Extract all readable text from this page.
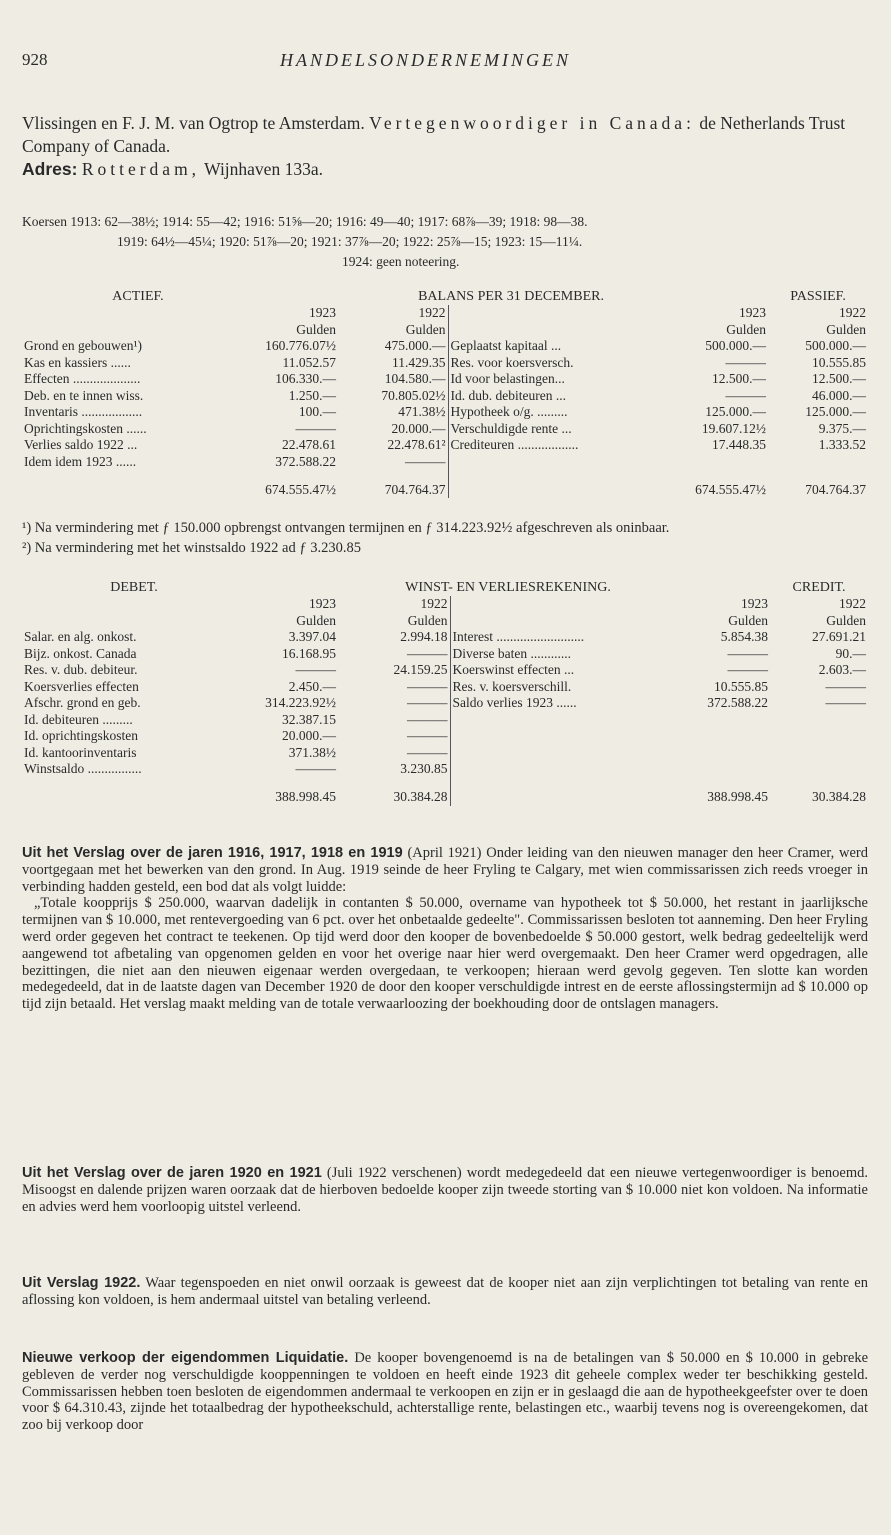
928	HANDELSONDERNEMINGEN
Vlissingen en F. J. M. van Ogtrop te Amsterdam. Vertegenwoordiger in Canada: de Netherlands Trust Company of Canada.
Adres: Rotterdam, Wijnhaven 133a.
Koersen 1913: 62—38½; 1914: 55—42; 1916: 51⅝—20; 1916: 49—40; 1917: 68⅞—39; 1918: 98—38.
1919: 64½—45¼; 1920: 51⅞—20; 1921: 37⅞—20; 1922: 25⅞—15; 1923: 15—11¼.
1924: geen noteering.
ACTIEF.	BALANS PER 31 DECEMBER.				PASSIEF.
	1923	1922		1923	1922
	Gulden	Gulden		Gulden	Gulden
Grond en gebouwen¹)	160.776.07½	475.000.—	Geplaatst kapitaal ...	500.000.—	500.000.—
Kas en kassiers ......	11.052.57	11.429.35	Res. voor koersversch.	———	10.555.85
Effecten ....................	106.330.—	104.580.—	Id voor belastingen...	12.500.—	12.500.—
Deb. en te innen wiss.	1.250.—	70.805.02½	Id. dub. debiteuren ...	———	46.000.—
Inventaris ..................	100.—	471.38½	Hypotheek o/g. .........	125.000.—	125.000.—
Oprichtingskosten ......	———	20.000.—	Verschuldigde rente ...	19.607.12½	9.375.—
Verlies saldo 1922 ...	22.478.61	22.478.61²	Crediteuren ..................	17.448.35	1.333.52
Idem idem 1923 ......	372.588.22	———			
	674.555.47½	704.764.37		674.555.47½	704.764.37
¹) Na vermindering met ƒ 150.000 opbrengst ontvangen termijnen en ƒ 314.223.92½ afgeschreven als oninbaar.
²) Na vermindering met het winstsaldo 1922 ad ƒ 3.230.85
DEBET.	WINST- EN VERLIESREKENING.				CREDIT.
	1923	1922		1923	1922
	Gulden	Gulden		Gulden	Gulden
Salar. en alg. onkost.	3.397.04	2.994.18	Interest ..........................	5.854.38	27.691.21
Bijz. onkost. Canada	16.168.95	———	Diverse baten ............	———	90.—
Res. v. dub. debiteur.	———	24.159.25	Koerswinst effecten ...	———	2.603.—
Koersverlies effecten	2.450.—	———	Res. v. koersverschill.	10.555.85	———
Afschr. grond en geb.	314.223.92½	———	Saldo verlies 1923 ......	372.588.22	———
Id. debiteuren .........	32.387.15	———			
Id. oprichtingskosten	20.000.—	———			
Id. kantoorinventaris	371.38½	———			
Winstsaldo ................	———	3.230.85			
	388.998.45	30.384.28		388.998.45	30.384.28

Uit het Verslag over de jaren 1916, 1917, 1918 en 1919 (April 1921) Onder leiding van den nieuwen manager den heer Cramer, werd voortgegaan met het bewerken van den grond. In Aug. 1919 seinde de heer Fryling te Calgary, met wien commissarissen zich reeds vroeger in verbinding hadden gesteld, een bod dat als volgt luidde:

„Totale koopprijs $ 250.000, waarvan dadelijk in contanten $ 50.000, overname van hypotheek tot $ 50.000, het restant in jaarlijksche termijnen van $ 10.000, met rentevergoeding van 6 pct. over het onbetaalde gedeelte". Commissarissen besloten tot aanneming. Den heer Fryling werd order gegeven het contract te teekenen. Op tijd werd door den kooper de bovenbedoelde $ 50.000 gestort, welk bedrag gedeeltelijk werd aangewend tot afbetaling van opgenomen gelden en voor het overige naar hier werd overgemaakt. Den heer Cramer werd opgedragen, alle bezittingen, die niet aan den nieuwen eigenaar werden overgedaan, te verkoopen; hieraan werd gevolg gegeven. Ten slotte kan worden medegedeeld, dat in de laatste dagen van December 1920 de door den kooper verschuldigde intrest en de eerste aflossingstermijn ad $ 10.000 op tijd zijn betaald. Het verslag maakt melding van de totale verwaarloozing der boekhouding door de ontslagen managers.

Uit het Verslag over de jaren 1920 en 1921 (Juli 1922 verschenen) wordt medegedeeld dat een nieuwe vertegenwoordiger is benoemd. Misoogst en dalende prijzen waren oorzaak dat de hierboven bedoelde kooper zijn tweede storting van $ 10.000 niet kon voldoen. Na informatie en advies werd hem voorloopig uitstel verleend.

Uit Verslag 1922. Waar tegenspoeden en niet onwil oorzaak is geweest dat de kooper niet aan zijn verplichtingen tot betaling van rente en aflossing kon voldoen, is hem andermaal uitstel van betaling verleend.

Nieuwe verkoop der eigendommen Liquidatie. De kooper bovengenoemd is na de betalingen van $ 50.000 en $ 10.000 in gebreke gebleven de verder nog verschuldigde kooppenningen te voldoen en heeft einde 1923 dit geheele complex weder ter beschikking gesteld. Commissarissen hebben toen besloten de eigendommen andermaal te verkoopen en zijn er in geslaagd die aan de hypotheekgeefster over te doen voor $ 64.310.43, zijnde het totaalbedrag der hypotheekschuld, achterstallige rente, belastingen etc., waarbij tevens nog is overeengekomen, dat zoo bij verkoop door
